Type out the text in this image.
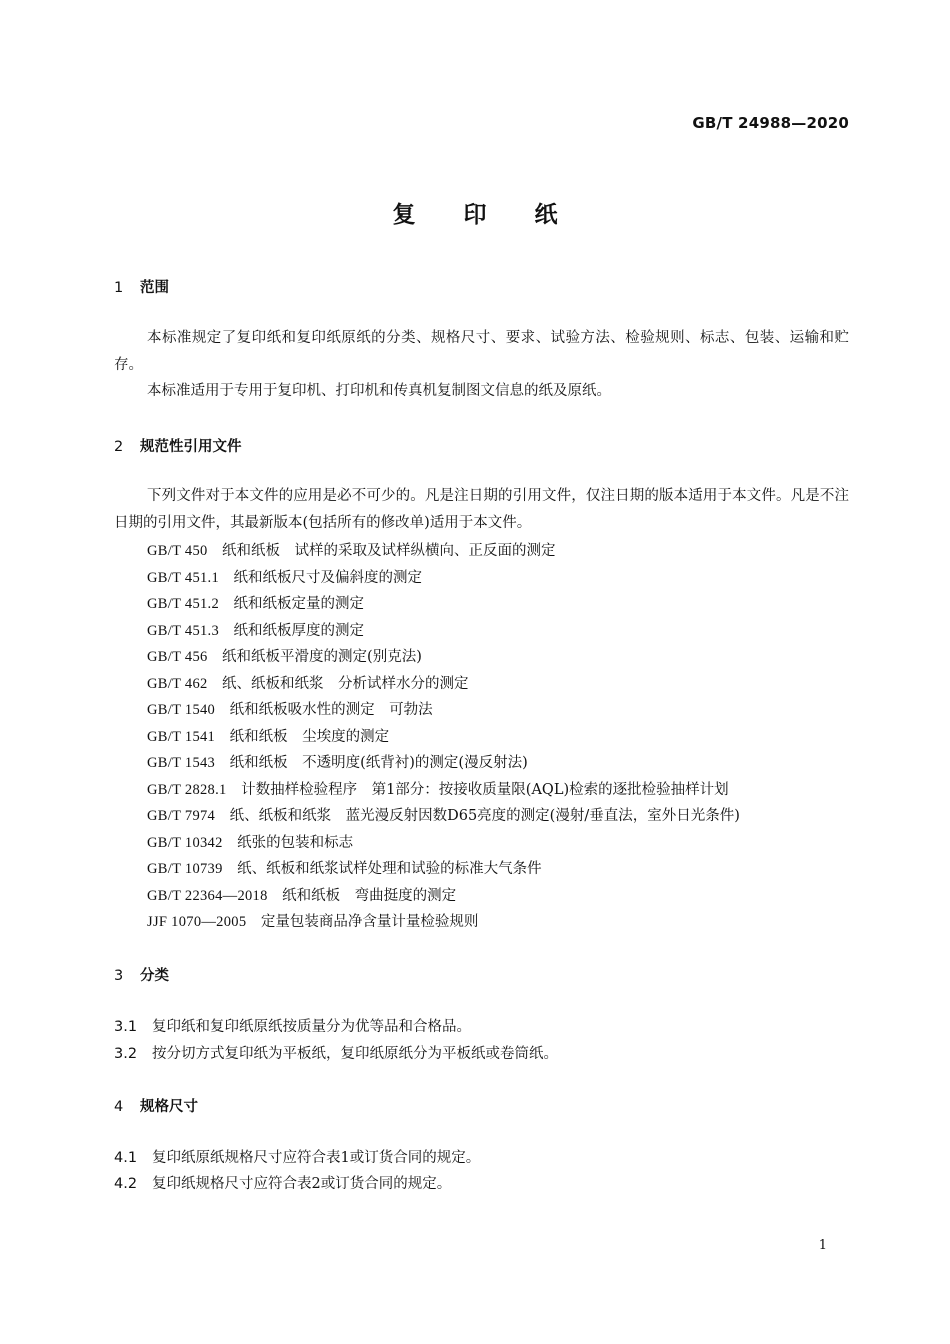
GB/T 24988—2020
复印纸
1 范围
本标准规定了复印纸和复印纸原纸的分类、规格尺寸、要求、试验方法、检验规则、标志、包装、运输和贮存。
本标准适用于专用于复印机、打印机和传真机复制图文信息的纸及原纸。
2 规范性引用文件
下列文件对于本文件的应用是必不可少的。凡是注日期的引用文件，仅注日期的版本适用于本文件。凡是不注日期的引用文件，其最新版本(包括所有的修改单)适用于本文件。
GB/T 450　 纸和纸板　试样的采取及试样纵横向、正反面的测定
GB/T 451.1　 纸和纸板尺寸及偏斜度的测定
GB/T 451.2　 纸和纸板定量的测定
GB/T 451.3　 纸和纸板厚度的测定
GB/T 456　 纸和纸板平滑度的测定(别克法)
GB/T 462　 纸、纸板和纸浆　分析试样水分的测定
GB/T 1540　 纸和纸板吸水性的测定　可勃法
GB/T 1541　 纸和纸板　尘埃度的测定
GB/T 1543　 纸和纸板　不透明度(纸背衬)的测定(漫反射法)
GB/T 2828.1　 计数抽样检验程序　第1部分：按接收质量限(AQL)检索的逐批检验抽样计划
GB/T 7974　 纸、纸板和纸浆　蓝光漫反射因数D65亮度的测定(漫射/垂直法，室外日光条件)
GB/T 10342　 纸张的包装和标志
GB/T 10739　 纸、纸板和纸浆试样处理和试验的标准大气条件
GB/T 22364—2018　 纸和纸板　弯曲挺度的测定
JJF 1070—2005　 定量包装商品净含量计量检验规则
3 分类
3.1 复印纸和复印纸原纸按质量分为优等品和合格品。
3.2 按分切方式复印纸为平板纸，复印纸原纸分为平板纸或卷筒纸。
4 规格尺寸
4.1 复印纸原纸规格尺寸应符合表1或订货合同的规定。
4.2 复印纸规格尺寸应符合表2或订货合同的规定。
1
